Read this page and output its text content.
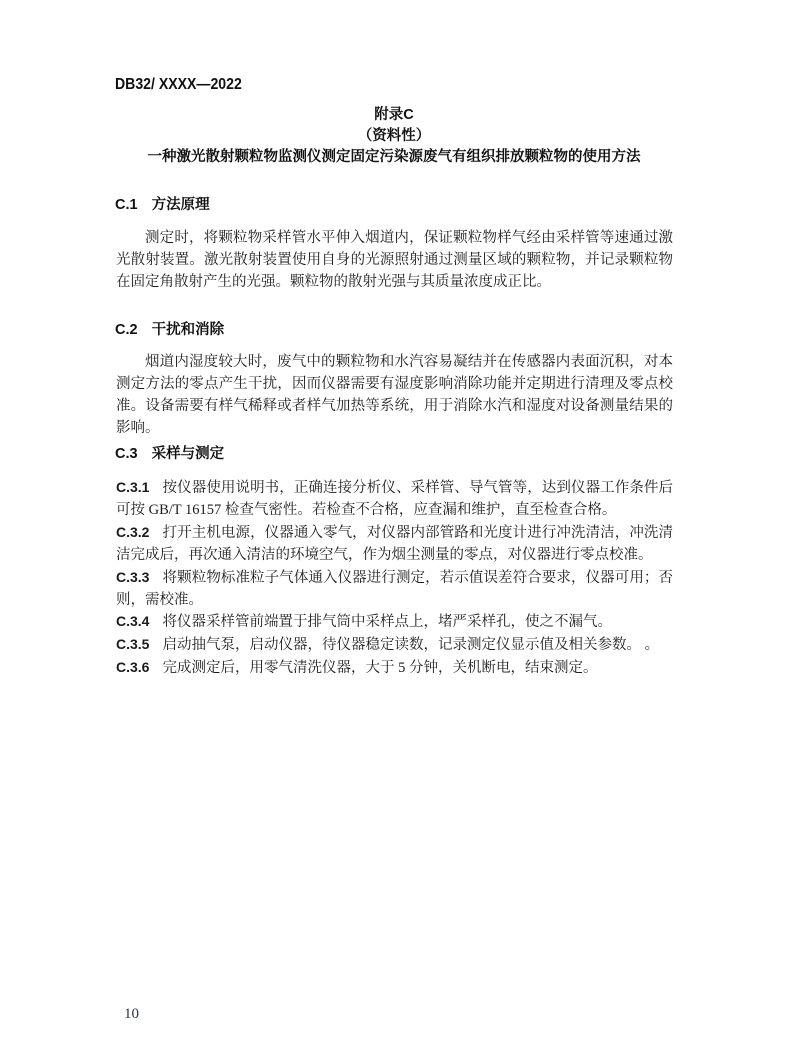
DB32/ XXXX—2022
附录C
（资料性）
一种激光散射颗粒物监测仪测定固定污染源废气有组织排放颗粒物的使用方法
C.1 方法原理
测定时，将颗粒物采样管水平伸入烟道内，保证颗粒物样气经由采样管等速通过激光散射装置。激光散射装置使用自身的光源照射通过测量区域的颗粒物，并记录颗粒物在固定角散射产生的光强。颗粒物的散射光强与其质量浓度成正比。
C.2 干扰和消除
烟道内湿度较大时，废气中的颗粒物和水汽容易凝结并在传感器内表面沉积，对本测定方法的零点产生干扰，因而仪器需要有湿度影响消除功能并定期进行清理及零点校准。设备需要有样气稀释或者样气加热等系统，用于消除水汽和湿度对设备测量结果的影响。
C.3 采样与测定

C.3.1 按仪器使用说明书，正确连接分析仪、采样管、导气管等，达到仪器工作条件后可按 GB/T 16157 检查气密性。若检查不合格，应查漏和维护，直至检查合格。

C.3.2 打开主机电源，仪器通入零气，对仪器内部管路和光度计进行冲洗清洁，冲洗清洁完成后，再次通入清洁的环境空气，作为烟尘测量的零点，对仪器进行零点校准。

C.3.3 将颗粒物标准粒子气体通入仪器进行测定，若示值误差符合要求，仪器可用；否则，需校准。

C.3.4 将仪器采样管前端置于排气筒中采样点上，堵严采样孔，使之不漏气。

C.3.5 启动抽气泵，启动仪器，待仪器稳定读数，记录测定仪显示值及相关参数。 。

C.3.6 完成测定后，用零气清洗仪器，大于 5 分钟，关机断电，结束测定。

10
